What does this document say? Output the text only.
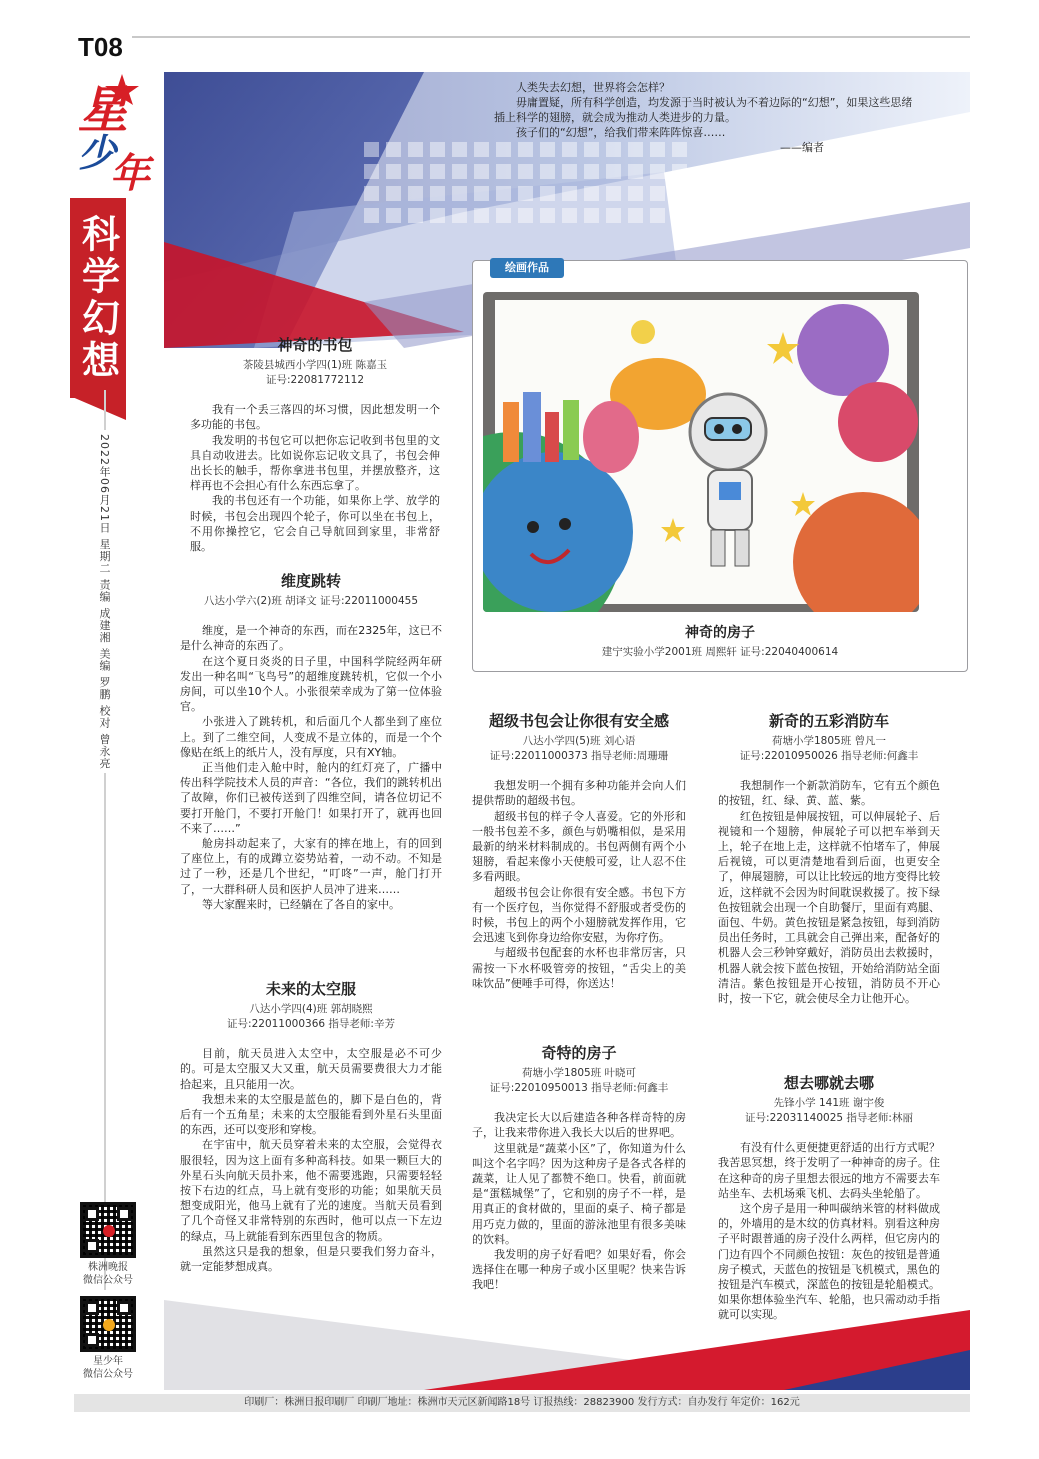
T08
星
少
年
科学幻想
2022年06月21日 星期二 责编 成建湘 美编 罗鹏 校对 曾永亮
株洲晚报
微信公众号
星少年
微信公众号

人类失去幻想，世界将会怎样？

毋庸置疑，所有科学创造，均发源于当时被认为不着边际的“幻想”，如果这些思绪插上科学的翅膀，就会成为推动人类进步的力量。

孩子们的“幻想”，给我们带来阵阵惊喜……

——编者

绘画作品
神奇的房子
建宁实验小学2001班 周熙轩 证号:22040400614
神奇的书包
茶陵县城西小学四(1)班 陈嘉玉
证号:22081772112

我有一个丢三落四的坏习惯，因此想发明一个多功能的书包。

我发明的书包它可以把你忘记收到书包里的文具自动收进去。比如说你忘记收文具了，书包会伸出长长的触手，帮你拿进书包里，并摆放整齐，这样再也不会担心有什么东西忘拿了。

我的书包还有一个功能，如果你上学、放学的时候，书包会出现四个轮子，你可以坐在书包上，不用你操控它，它会自己导航回到家里，非常舒服。

维度跳转
八达小学六(2)班 胡译文 证号:22011000455

维度，是一个神奇的东西，而在2325年，这已不是什么神奇的东西了。

在这个夏日炎炎的日子里，中国科学院经两年研发出一种名叫“飞鸟号”的超维度跳转机，它似一个小房间，可以坐10个人。小张很荣幸成为了第一位体验官。

小张进入了跳转机，和后面几个人都坐到了座位上。到了二维空间，人变成不是立体的，而是一个个像贴在纸上的纸片人，没有厚度，只有XY轴。

正当他们走入舱中时，舱内的红灯亮了，广播中传出科学院技术人员的声音：“各位，我们的跳转机出了故障，你们已被传送到了四维空间，请各位切记不要打开舱门，不要打开舱门！如果打开了，就再也回不来了……”

舱房抖动起来了，大家有的摔在地上，有的回到了座位上，有的成蹲立姿势站着，一动不动。不知是过了一秒，还是几个世纪，“叮咚”一声，舱门打开了，一大群科研人员和医护人员冲了进来……

等大家醒来时，已经躺在了各自的家中。

未来的太空服
八达小学四(4)班 郭胡晓熙
证号:22011000366 指导老师:辛芳

目前，航天员进入太空中，太空服是必不可少的。可是太空服又大又重，航天员需要费很大力才能拾起来，且只能用一次。

我想未来的太空服是蓝色的，脚下是白色的，背后有一个五角星；未来的太空服能看到外星石头里面的东西，还可以变形和穿梭。

在宇宙中，航天员穿着未来的太空服，会觉得衣服很轻，因为这上面有多种高科技。如果一颗巨大的外星石头向航天员扑来，他不需要逃跑，只需要轻轻按下右边的红点，马上就有变形的功能；如果航天员想变成阳光，他马上就有了光的速度。当航天员看到了几个奇怪又非常特别的东西时，他可以点一下左边的绿点，马上就能看到东西里包含的物质。

虽然这只是我的想象，但是只要我们努力奋斗，就一定能梦想成真。

超级书包会让你很有安全感
八达小学四(5)班 刘心语
证号:22011000373 指导老师:周珊珊

我想发明一个拥有多种功能并会向人们提供帮助的超级书包。

超级书包的样子令人喜爱。它的外形和一般书包差不多，颜色与奶嘴相似，是采用最新的纳米材料制成的。书包两侧有两个小翅膀，看起来像小天使般可爱，让人忍不住多看两眼。

超级书包会让你很有安全感。书包下方有一个医疗包，当你觉得不舒服或者受伤的时候，书包上的两个小翅膀就发挥作用，它会迅速飞到你身边给你安慰，为你疗伤。

与超级书包配套的水杯也非常厉害，只需按一下水杯吸管旁的按钮，“舌尖上的美味饮品”便唾手可得，你送达！

奇特的房子
荷塘小学1805班 叶晓可
证号:22010950013 指导老师:何鑫丰

我决定长大以后建造各种各样奇特的房子，让我来带你进入我长大以后的世界吧。

这里就是“蔬菜小区”了，你知道为什么叫这个名字吗？因为这种房子是各式各样的蔬菜，让人见了都赞不绝口。快看，前面就是“蛋糕城堡”了，它和别的房子不一样，是用真正的食材做的，里面的桌子、椅子都是用巧克力做的，里面的游泳池里有很多美味的饮料。

我发明的房子好看吧？如果好看，你会选择住在哪一种房子或小区里呢？快来告诉我吧！

新奇的五彩消防车
荷塘小学1805班 曾凡一
证号:22010950026 指导老师:何鑫丰

我想制作一个新款消防车，它有五个颜色的按钮，红、绿、黄、蓝、紫。

红色按钮是伸展按钮，可以伸展轮子、后视镜和一个翅膀，伸展轮子可以把车举到天上，轮子在地上走，这样就不怕堵车了，伸展后视镜，可以更清楚地看到后面，也更安全了，伸展翅膀，可以让比较远的地方变得比较近，这样就不会因为时间耽误救援了。按下绿色按钮就会出现一个自助餐厅，里面有鸡腿、面包、牛奶。黄色按钮是紧急按钮，每到消防员出任务时，工具就会自己弹出来，配备好的机器人会三秒钟穿戴好，消防员出去救援时，机器人就会按下蓝色按钮，开始给消防站全面清洁。紫色按钮是开心按钮，消防员不开心时，按一下它，就会使尽全力让他开心。

想去哪就去哪
先锋小学 141班 谢宇俊
证号:22031140025 指导老师:林丽

有没有什么更便捷更舒适的出行方式呢？我苦思冥想，终于发明了一种神奇的房子。住在这种奇的房子里想去很远的地方不需要去车站坐车、去机场乘飞机、去码头坐轮船了。

这个房子是用一种叫碳纳米管的材料做成的，外墙用的是木纹的仿真材料。别看这种房子平时跟普通的房子没什么两样，但它房内的门边有四个不同颜色按钮：灰色的按钮是普通房子模式，天蓝色的按钮是飞机模式，黑色的按钮是汽车模式，深蓝色的按钮是轮船模式。如果你想体验坐汽车、轮船，也只需动动手指就可以实现。

印刷厂：株洲日报印刷厂 印刷厂地址：株洲市天元区新闻路18号 订报热线：28823900 发行方式：自办发行 年定价：162元
